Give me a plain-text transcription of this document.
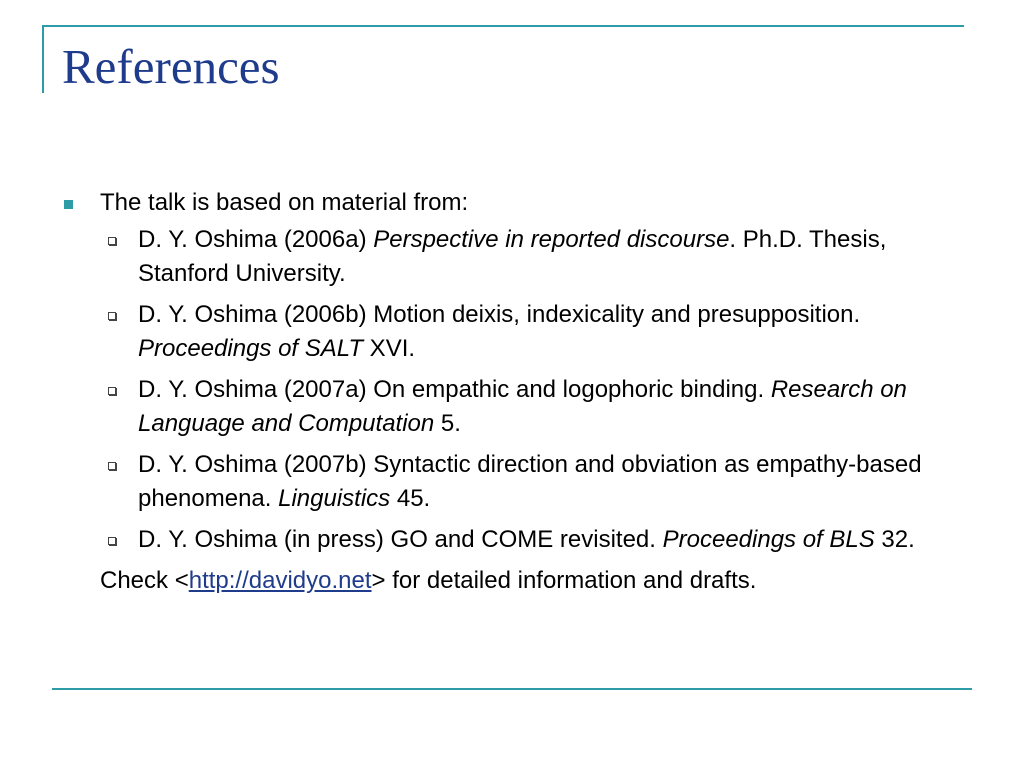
References
The talk is based on material from:
D. Y. Oshima (2006a) Perspective in reported discourse. Ph.D. Thesis, Stanford University.
D. Y. Oshima (2006b) Motion deixis, indexicality and presupposition. Proceedings of SALT XVI.
D. Y. Oshima (2007a) On empathic and logophoric binding. Research on Language and Computation 5.
D. Y. Oshima (2007b) Syntactic direction and obviation as empathy-based phenomena. Linguistics 45.
D. Y. Oshima (in press) GO and COME revisited. Proceedings of BLS 32.

Check <http://davidyo.net> for detailed information and drafts.
